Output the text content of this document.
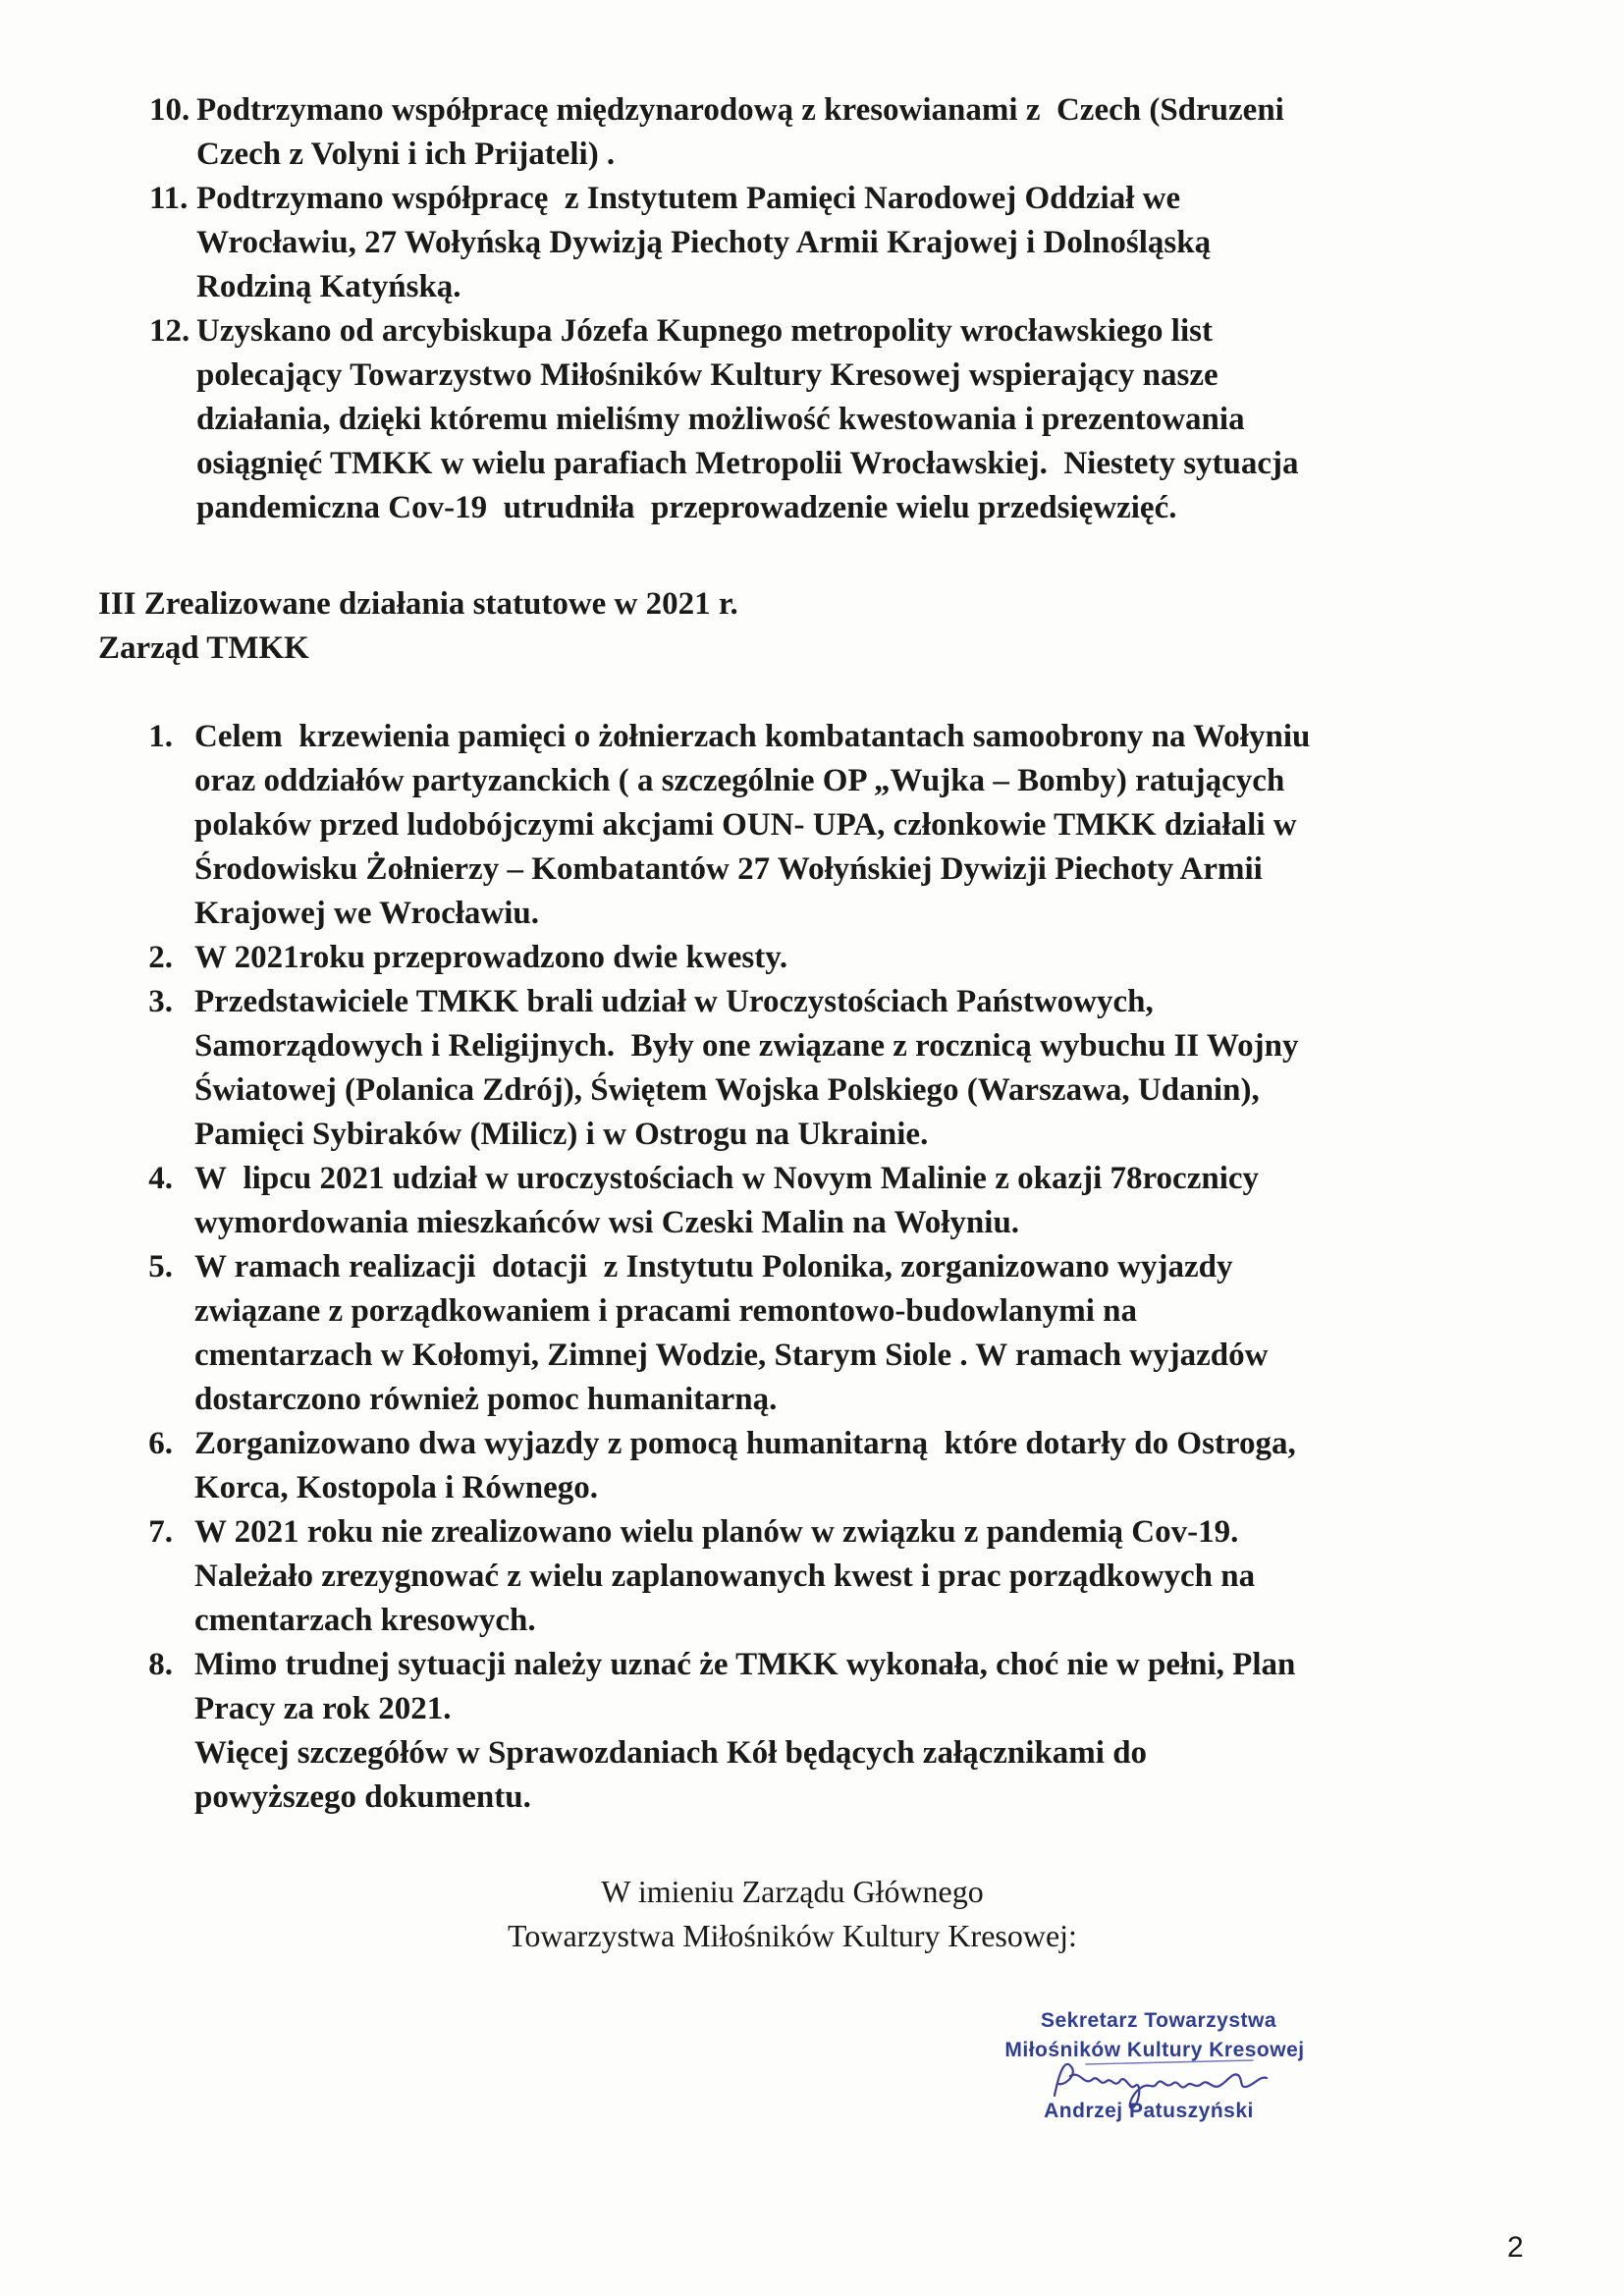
10. Podtrzymano współpracę międzynarodową z kresowianami z  Czech (Sdruzeni
Czech z Volyni i ich Prijateli) .
11. Podtrzymano współpracę  z Instytutem Pamięci Narodowej Oddział we
Wrocławiu, 27 Wołyńską Dywizją Piechoty Armii Krajowej i Dolnośląską
Rodziną Katyńską.
12. Uzyskano od arcybiskupa Józefa Kupnego metropolity wrocławskiego list
polecający Towarzystwo Miłośników Kultury Kresowej wspierający nasze
działania, dzięki któremu mieliśmy możliwość kwestowania i prezentowania
osiągnięć TMKK w wielu parafiach Metropolii Wrocławskiej.  Niestety sytuacja
pandemiczna Cov-19  utrudniła  przeprowadzenie wielu przedsięwzięć.
III Zrealizowane działania statutowe w 2021 r.
Zarząd TMKK
1. Celem  krzewienia pamięci o żołnierzach kombatantach samoobrony na Wołyniu
oraz oddziałów partyzanckich ( a szczególnie OP „Wujka – Bomby) ratujących
polaków przed ludobójczymi akcjami OUN- UPA, członkowie TMKK działali w
Środowisku Żołnierzy – Kombatantów 27 Wołyńskiej Dywizji Piechoty Armii
Krajowej we Wrocławiu.
2. W 2021roku przeprowadzono dwie kwesty.
3. Przedstawiciele TMKK brali udział w Uroczystościach Państwowych,
Samorządowych i Religijnych.  Były one związane z rocznicą wybuchu II Wojny
Światowej (Polanica Zdrój), Świętem Wojska Polskiego (Warszawa, Udanin),
Pamięci Sybiraków (Milicz) i w Ostrogu na Ukrainie.
4. W  lipcu 2021 udział w uroczystościach w Novym Malinie z okazji 78rocznicy
wymordowania mieszkańców wsi Czeski Malin na Wołyniu.
5. W ramach realizacji  dotacji  z Instytutu Polonika, zorganizowano wyjazdy
związane z porządkowaniem i pracami remontowo-budowlanymi na
cmentarzach w Kołomyi, Zimnej Wodzie, Starym Siole . W ramach wyjazdów
dostarczono również pomoc humanitarną.
6. Zorganizowano dwa wyjazdy z pomocą humanitarną  które dotarły do Ostroga,
Korca, Kostopola i Równego.
7. W 2021 roku nie zrealizowano wielu planów w związku z pandemią Cov-19.
Należało zrezygnować z wielu zaplanowanych kwest i prac porządkowych na
cmentarzach kresowych.
8. Mimo trudnej sytuacji należy uznać że TMKK wykonała, choć nie w pełni, Plan
Pracy za rok 2021.
Więcej szczegółów w Sprawozdaniach Kół będących załącznikami do
powyższego dokumentu.
W imieniu Zarządu Głównego
Towarzystwa Miłośników Kultury Kresowej:
Sekretarz Towarzystwa
Miłośników Kultury Kresowej
Andrzej Patuszyński
2
